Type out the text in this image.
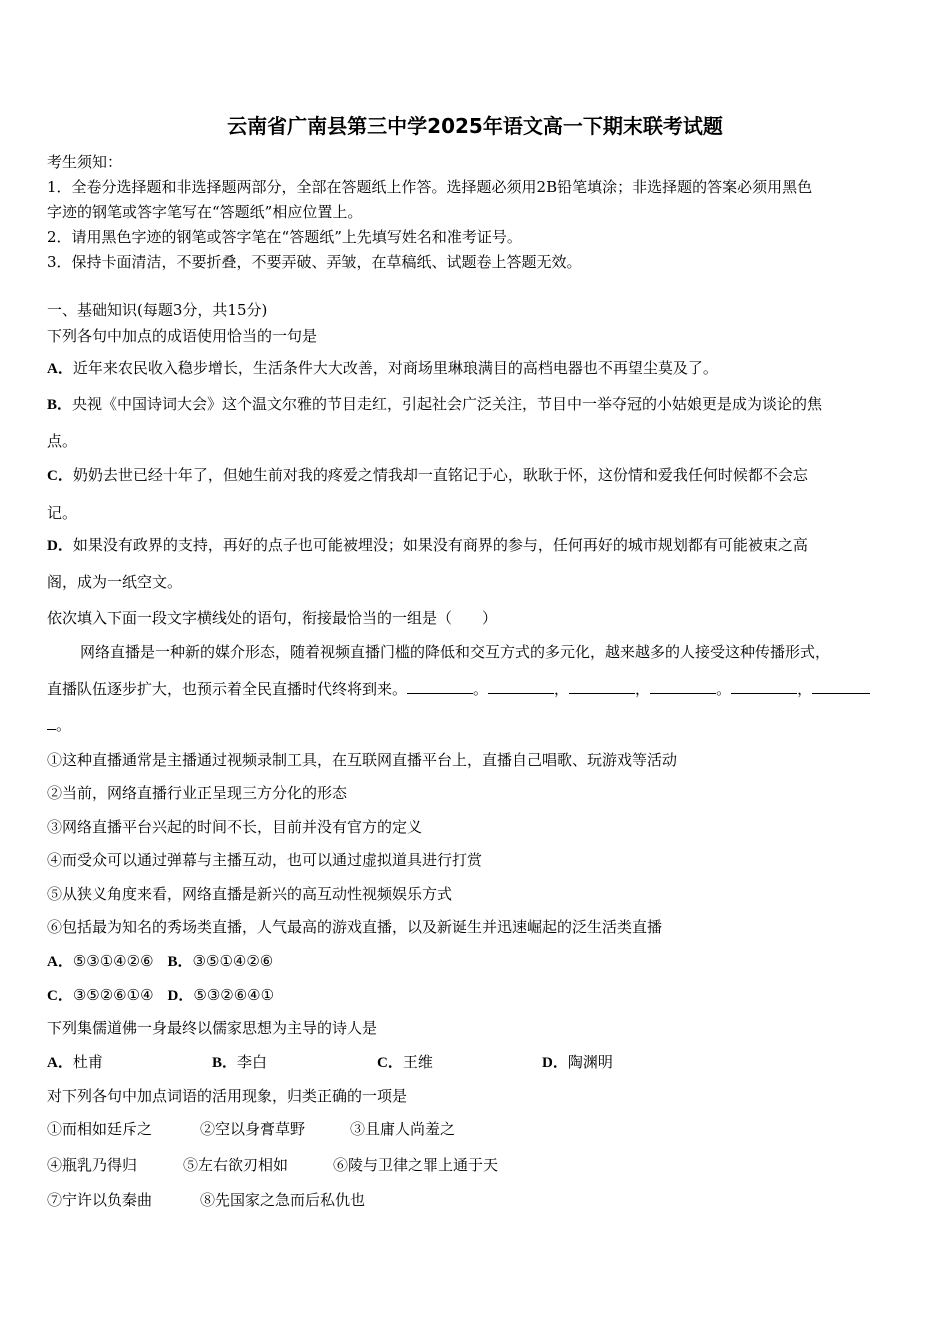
云南省广南县第三中学2025年语文高一下期末联考试题
考生须知：
1．全卷分选择题和非选择题两部分，全部在答题纸上作答。选择题必须用2B铅笔填涂；非选择题的答案必须用黑色
字迹的钢笔或答字笔写在“答题纸”相应位置上。
2．请用黑色字迹的钢笔或答字笔在“答题纸”上先填写姓名和准考证号。
3．保持卡面清洁，不要折叠，不要弄破、弄皱，在草稿纸、试题卷上答题无效。
一、基础知识(每题3分，共15分)
下列各句中加点的成语使用恰当的一句是
A．近年来农民收入稳步增长，生活条件大大改善，对商场里琳琅满目的高档电器也不再望尘莫及了。
B．央视《中国诗词大会》这个温文尔雅的节目走红，引起社会广泛关注，节目中一举夺冠的小姑娘更是成为谈论的焦
点。
C．奶奶去世已经十年了，但她生前对我的疼爱之情我却一直铭记于心，耿耿于怀，这份情和爱我任何时候都不会忘
记。
D．如果没有政界的支持，再好的点子也可能被埋没；如果没有商界的参与，任何再好的城市规划都有可能被束之高
阁，成为一纸空文。
依次填入下面一段文字横线处的语句，衔接最恰当的一组是（　　）
网络直播是一种新的媒介形态，随着视频直播门槛的降低和交互方式的多元化，越来越多的人接受这种传播形式，
直播队伍逐步扩大，也预示着全民直播时代终将到来。	。	，	，	。	，
。
①这种直播通常是主播通过视频录制工具，在互联网直播平台上，直播自己唱歌、玩游戏等活动
②当前，网络直播行业正呈现三方分化的形态
③网络直播平台兴起的时间不长，目前并没有官方的定义
④而受众可以通过弹幕与主播互动，也可以通过虚拟道具进行打赏
⑤从狭义角度来看，网络直播是新兴的高互动性视频娱乐方式
⑥包括最为知名的秀场类直播，人气最高的游戏直播，以及新诞生并迅速崛起的泛生活类直播
A．⑤③①④②⑥ B．③⑤①④②⑥
C．③⑤②⑥①④ D．⑤③②⑥④①
下列集儒道佛一身最终以儒家思想为主导的诗人是
A．杜甫	B．李白	C．王维	D．陶渊明
对下列各句中加点词语的活用现象，归类正确的一项是
①而相如廷斥之	②空以身膏草野	③且庸人尚羞之
④瓶乳乃得归	⑤左右欲刃相如	⑥陵与卫律之罪上通于天
⑦宁许以负秦曲	⑧先国家之急而后私仇也
